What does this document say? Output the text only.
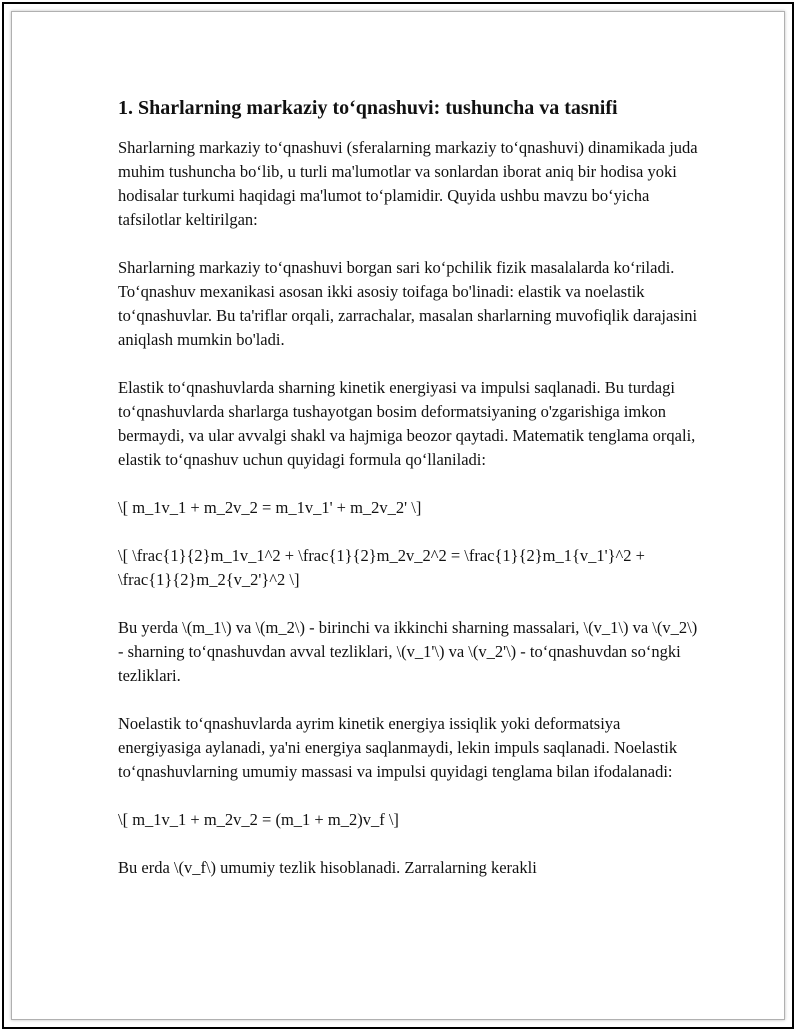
1. Sharlarning markaziy to‘qnashuvi: tushuncha va tasnifi

Sharlarning markaziy to‘qnashuvi (sferalarning markaziy to‘qnashuvi) dinamikada juda muhim tushuncha bo‘lib, u turli ma'lumotlar va sonlardan iborat aniq bir hodisa yoki hodisalar turkumi haqidagi ma'lumot to‘plamidir. Quyida ushbu mavzu bo‘yicha tafsilotlar keltirilgan:

Sharlarning markaziy to‘qnashuvi borgan sari ko‘pchilik fizik masalalarda ko‘riladi. To‘qnashuv mexanikasi asosan ikki asosiy toifaga bo'linadi: elastik va noelastik to‘qnashuvlar. Bu ta'riflar orqali, zarrachalar, masalan sharlarning muvofiqlik darajasini aniqlash mumkin bo'ladi.

Elastik to‘qnashuvlarda sharning kinetik energiyasi va impulsi saqlanadi. Bu turdagi to‘qnashuvlarda sharlarga tushayotgan bosim deformatsiyaning o'zgarishiga imkon bermaydi, va ular avvalgi shakl va hajmiga beozor qaytadi. Matematik tenglama orqali, elastik to‘qnashuv uchun quyidagi formula qo‘llaniladi:

\[ m_1v_1 + m_2v_2 = m_1v_1' + m_2v_2' \]

\[ \frac{1}{2}m_1v_1^2 + \frac{1}{2}m_2v_2^2 = \frac{1}{2}m_1{v_1'}^2 + \frac{1}{2}m_2{v_2'}^2 \]

Bu yerda \(m_1\) va \(m_2\) - birinchi va ikkinchi sharning massalari, \(v_1\) va \(v_2\) - sharning to‘qnashuvdan avval tezliklari, \(v_1'\) va \(v_2'\) - to‘qnashuvdan so‘ngki tezliklari.

Noelastik to‘qnashuvlarda ayrim kinetik energiya issiqlik yoki deformatsiya energiyasiga aylanadi, ya'ni energiya saqlanmaydi, lekin impuls saqlanadi. Noelastik to‘qnashuvlarning umumiy massasi va impulsi quyidagi tenglama bilan ifodalanadi:

\[ m_1v_1 + m_2v_2 = (m_1 + m_2)v_f \]

Bu erda \(v_f\) umumiy tezlik hisoblanadi. Zarralarning kerakli
